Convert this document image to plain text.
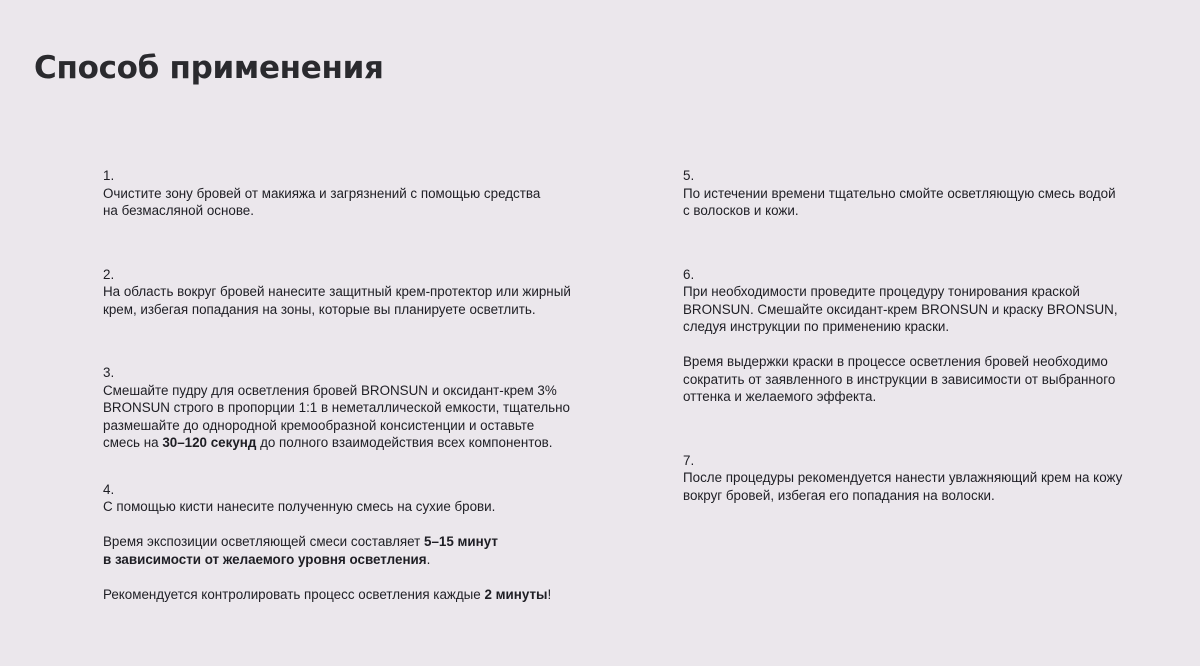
Способ применения
1.

Очистите зону бровей от макияжа и загрязнений с помощью средства
на безмасляной основе.

2.

На область вокруг бровей нанесите защитный крем-протектор или жирный
крем, избегая попадания на зоны, которые вы планируете осветлить.

3.

Смешайте пудру для осветления бровей BRONSUN и оксидант-крем 3%
BRONSUN строго в пропорции 1:1 в неметаллической емкости, тщательно
размешайте до однородной кремообразной консистенции и оставьте
смесь на 30–120 секунд до полного взаимодействия всех компонентов.

4.

С помощью кисти нанесите полученную смесь на сухие брови.

Время экспозиции осветляющей смеси составляет 5–15 минут
в зависимости от желаемого уровня осветления.

Рекомендуется контролировать процесс осветления каждые 2 минуты!

5.

По истечении времени тщательно смойте осветляющую смесь водой
с волосков и кожи.

6.

При необходимости проведите процедуру тонирования краской
BRONSUN. Смешайте оксидант-крем BRONSUN и краску BRONSUN,
следуя инструкции по применению краски.

Время выдержки краски в процессе осветления бровей необходимо
сократить от заявленного в инструкции в зависимости от выбранного
оттенка и желаемого эффекта.

7.

После процедуры рекомендуется нанести увлажняющий крем на кожу
вокруг бровей, избегая его попадания на волоски.
